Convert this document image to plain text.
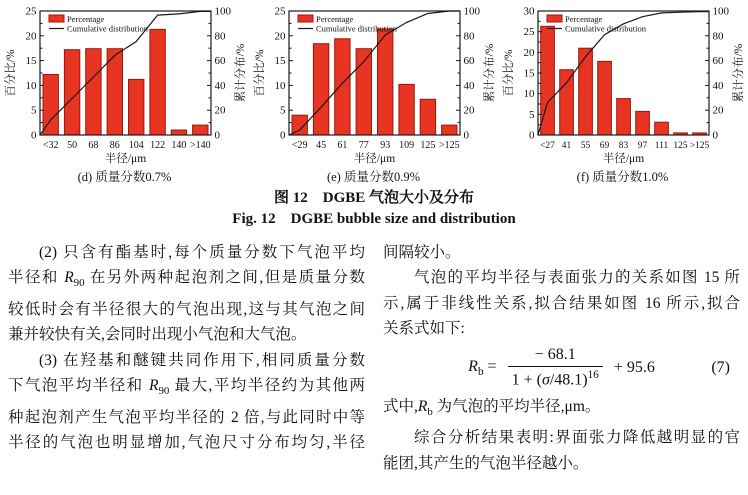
0
5
10
15
20
25
0
20
40
60
80
100
<32 50 68 86 104 122 140 >140
半径/μm
百分比/%	累计分布/%
Percentage
Cumulative distribution
(d) 质量分数0.7%
0
5
10
15
20
25
0
20
40
60
80
100
<29 45 61 77 93 109 125 >125
半径/μm
百分比/%	累计分布/%
Percentage
Cumulative distribution
(e) 质量分数0.9%
0
5
10
15
20
25
30
0
20
40
60
80
100
<27 41 55 69 83 97 111 125 >125
半径/μm
百分比/%	累计分布/%
Percentage
Cumulative distribution
(f) 质量分数1.0%
图 12　DGBE 气泡大小及分布
Fig. 12　DGBE bubble size and distribution
(2) 只含有酯基时,每个质量分数下气泡平均
半径和 $R_{90}$ 在另外两种起泡剂之间,但是质量分数
较低时会有半径很大的气泡出现,这与其气泡之间
兼并较快有关,会同时出现小气泡和大气泡。
(3) 在羟基和醚键共同作用下,相同质量分数
下气泡平均半径和 $R_{90}$ 最大,平均半径约为其他两
种起泡剂产生气泡平均半径的 2 倍,与此同时中等
半径的气泡也明显增加,气泡尺寸分布均匀,半径
间隔较小。
气泡的平均半径与表面张力的关系如图 15 所
示,属于非线性关系,拟合结果如图 16 所示,拟合
关系式如下:
$R_b = \frac{- 68.1}{1 + (\sigma/48.1)^{16}} + 95.6$	(7)
式中$,R_b$ 为气泡的平均半径,μm。
综合分析结果表明:界面张力降低越明显的官
能团,其产生的气泡半径越小。
